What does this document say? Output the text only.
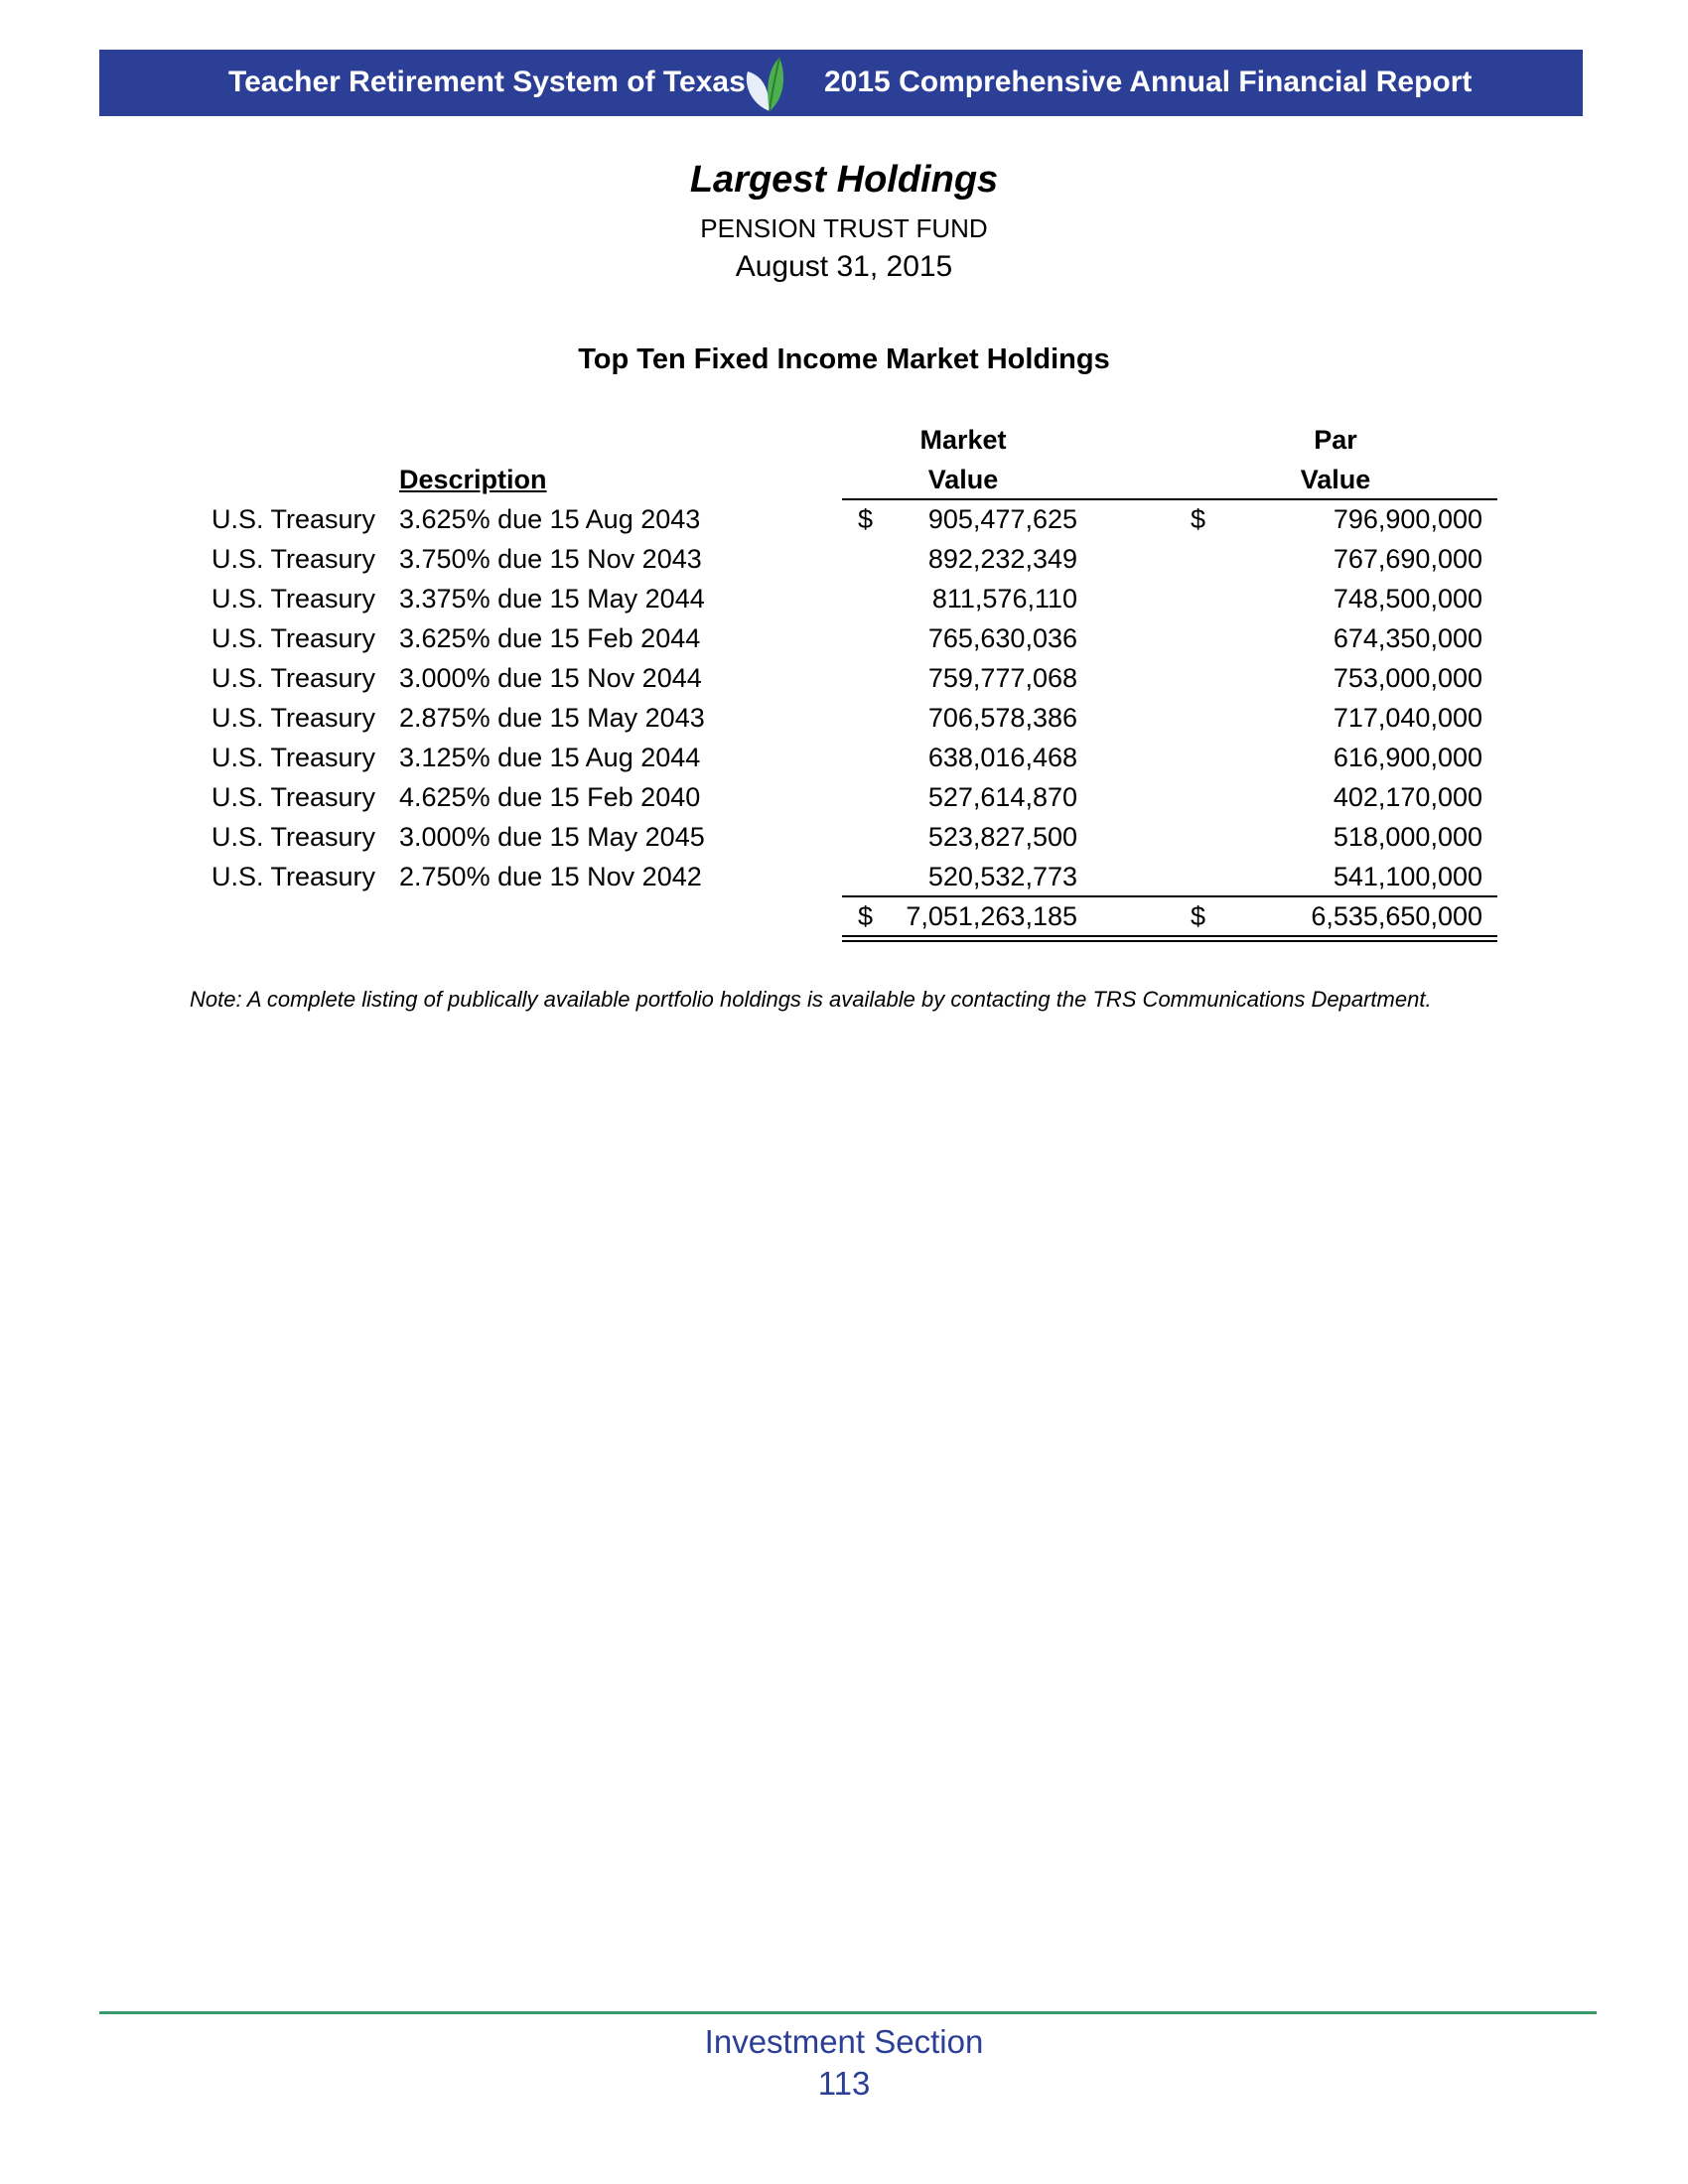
Teacher Retirement System of Texas	2015 Comprehensive Annual Financial Report
Largest Holdings
PENSION TRUST FUND
August 31, 2015
Top Ten Fixed Income Market Holdings
Description
Market
Value
Par
Value
U.S. Treasury 3.625% due 15 Aug 2043	$ 905,477,625	$	796,900,000
U.S. Treasury 3.750% due 15 Nov 2043	892,232,349	767,690,000
U.S. Treasury 3.375% due 15 May 2044	811,576,110	748,500,000
U.S. Treasury 3.625% due 15 Feb 2044	765,630,036	674,350,000
U.S. Treasury 3.000% due 15 Nov 2044	759,777,068	753,000,000
U.S. Treasury 2.875% due 15 May 2043	706,578,386	717,040,000
U.S. Treasury 3.125% due 15 Aug 2044	638,016,468	616,900,000
U.S. Treasury 4.625% due 15 Feb 2040	527,614,870	402,170,000
U.S. Treasury 3.000% due 15 May 2045	523,827,500	518,000,000
U.S. Treasury 2.750% due 15 Nov 2042	520,532,773	541,100,000
$ 7,051,263,185	$	6,535,650,000
Note: A complete listing of publically available portfolio holdings is available by contacting the TRS Communications Department.
Investment Section
113
